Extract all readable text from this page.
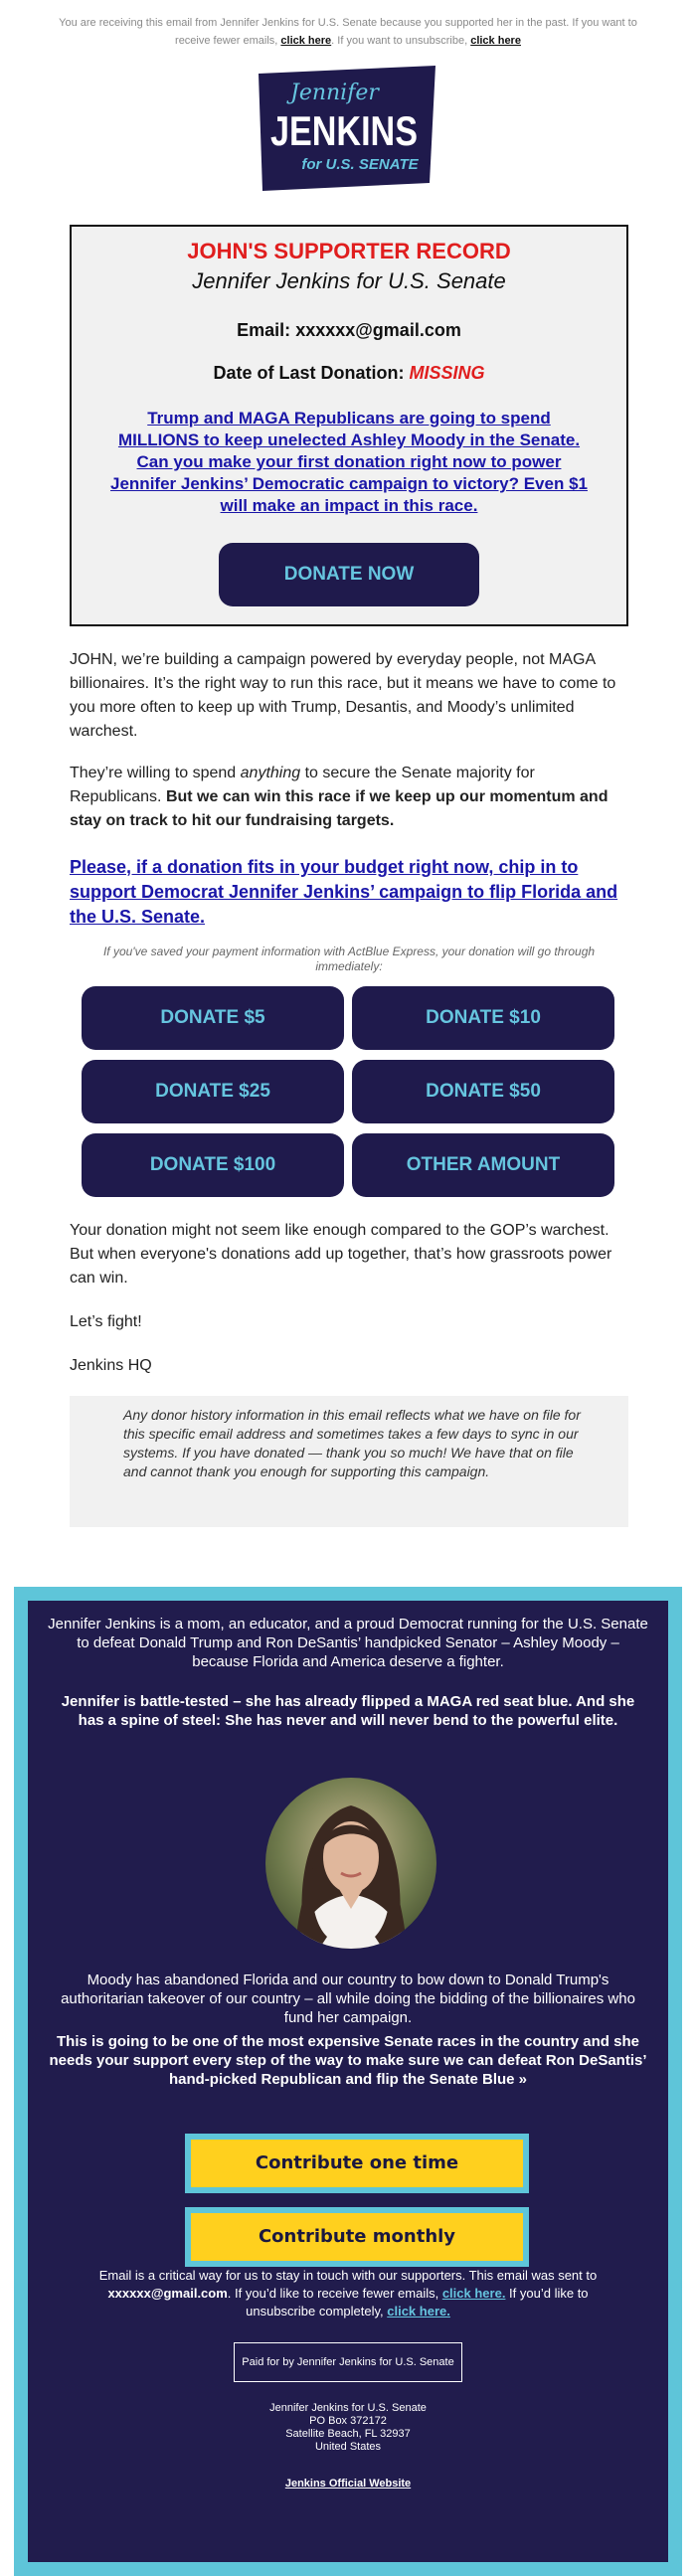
You are receiving this email from Jennifer Jenkins for U.S. Senate because you supported her in the past. If you want to receive fewer emails, click here. If you want to unsubscribe, click here
Jennifer
JENKINS
for U.S. SENATE
JOHN'S SUPPORTER RECORD
Jennifer Jenkins for U.S. Senate
Email: xxxxxx@gmail.com
Date of Last Donation: MISSING
Trump and MAGA Republicans are going to spend MILLIONS to keep unelected Ashley Moody in the Senate. Can you make your first donation right now to power Jennifer Jenkins’ Democratic campaign to victory? Even $1 will make an impact in this race.
DONATE NOW

JOHN, we’re building a campaign powered by everyday people, not MAGA billionaires. It’s the right way to run this race, but it means we have to come to you more often to keep up with Trump, Desantis, and Moody’s unlimited warchest.

They’re willing to spend anything to secure the Senate majority for Republicans. But we can win this race if we keep up our momentum and stay on track to hit our fundraising targets.

Please, if a donation fits in your budget right now, chip in to support Democrat Jennifer Jenkins’ campaign to flip Florida and the U.S. Senate.

If you've saved your payment information with ActBlue Express, your donation will go through immediately:

DONATE $5	DONATE $10
DONATE $25	DONATE $50
DONATE $100	OTHER AMOUNT

Your donation might not seem like enough compared to the GOP’s warchest. But when everyone's donations add up together, that’s how grassroots power can win.

Let’s fight!

Jenkins HQ

Any donor history information in this email reflects what we have on file for this specific email address and sometimes takes a few days to sync in our systems. If you have donated — thank you so much! We have that on file and cannot thank you enough for supporting this campaign.

Jennifer Jenkins is a mom, an educator, and a proud Democrat running for the U.S. Senate to defeat Donald Trump and Ron DeSantis’ handpicked Senator – Ashley Moody – because Florida and America deserve a fighter.

Jennifer is battle-tested – she has already flipped a MAGA red seat blue. And she has a spine of steel: She has never and will never bend to the powerful elite.

Moody has abandoned Florida and our country to bow down to Donald Trump's authoritarian takeover of our country – all while doing the bidding of the billionaires who fund her campaign.

This is going to be one of the most expensive Senate races in the country and she needs your support every step of the way to make sure we can defeat Ron DeSantis’ hand-picked Republican and flip the Senate Blue »

Contribute one time
Contribute monthly

Email is a critical way for us to stay in touch with our supporters. This email was sent to xxxxxx@gmail.com. If you’d like to receive fewer emails, click here. If you’d like to unsubscribe completely, click here.

Paid for by Jennifer Jenkins for U.S. Senate
Jennifer Jenkins for U.S. Senate
PO Box 372172
Satellite Beach, FL 32937
United States
Jenkins Official Website
